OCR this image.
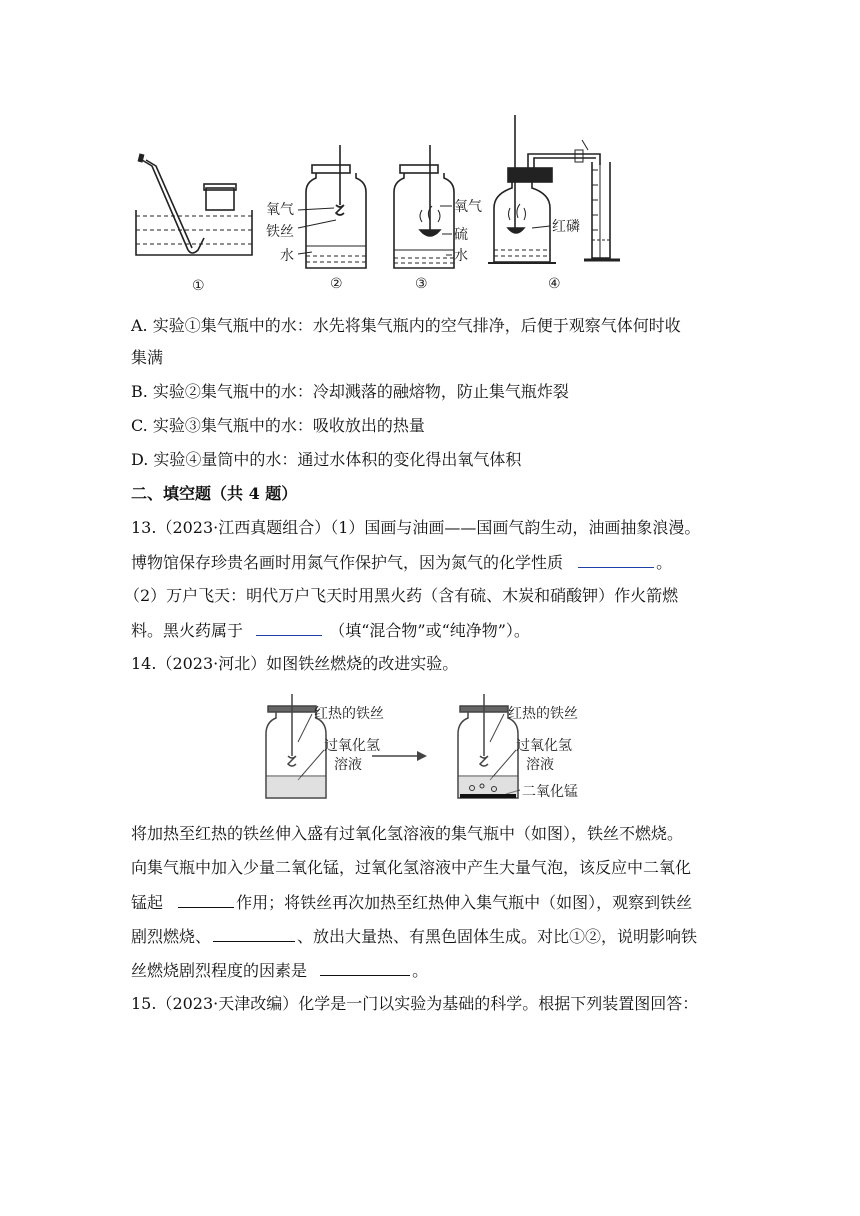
氧气
铁丝
水
氧气
硫
水
红磷
①	②	③	④
A. 实验①集气瓶中的水：水先将集气瓶内的空气排净，后便于观察气体何时收
集满
B. 实验②集气瓶中的水：冷却溅落的融熔物，防止集气瓶炸裂
C. 实验③集气瓶中的水：吸收放出的热量
D. 实验④量筒中的水：通过水体积的变化得出氧气体积
二、填空题（共 4 题）
13.（2023·江西真题组合）（1）国画与油画——国画气韵生动，油画抽象浪漫。
博物馆保存珍贵名画时用氮气作保护气，因为氮气的化学性质	。
（2）万户飞天：明代万户飞天时用黑火药（含有硫、木炭和硝酸钾）作火箭燃
料。黑火药属于	（填“混合物”或“纯净物”）。
14.（2023·河北）如图铁丝燃烧的改进实验。
红热的铁丝
过氧化氢
溶液
红热的铁丝
过氧化氢
溶液
二氧化锰
将加热至红热的铁丝伸入盛有过氧化氢溶液的集气瓶中（如图），铁丝不燃烧。
向集气瓶中加入少量二氧化锰，过氧化氢溶液中产生大量气泡，该反应中二氧化
锰起	作用；将铁丝再次加热至红热伸入集气瓶中（如图），观察到铁丝
剧烈燃烧、	、放出大量热、有黑色固体生成。对比①②，说明影响铁
丝燃烧剧烈程度的因素是	。
15.（2023·天津改编）化学是一门以实验为基础的科学。根据下列装置图回答：
